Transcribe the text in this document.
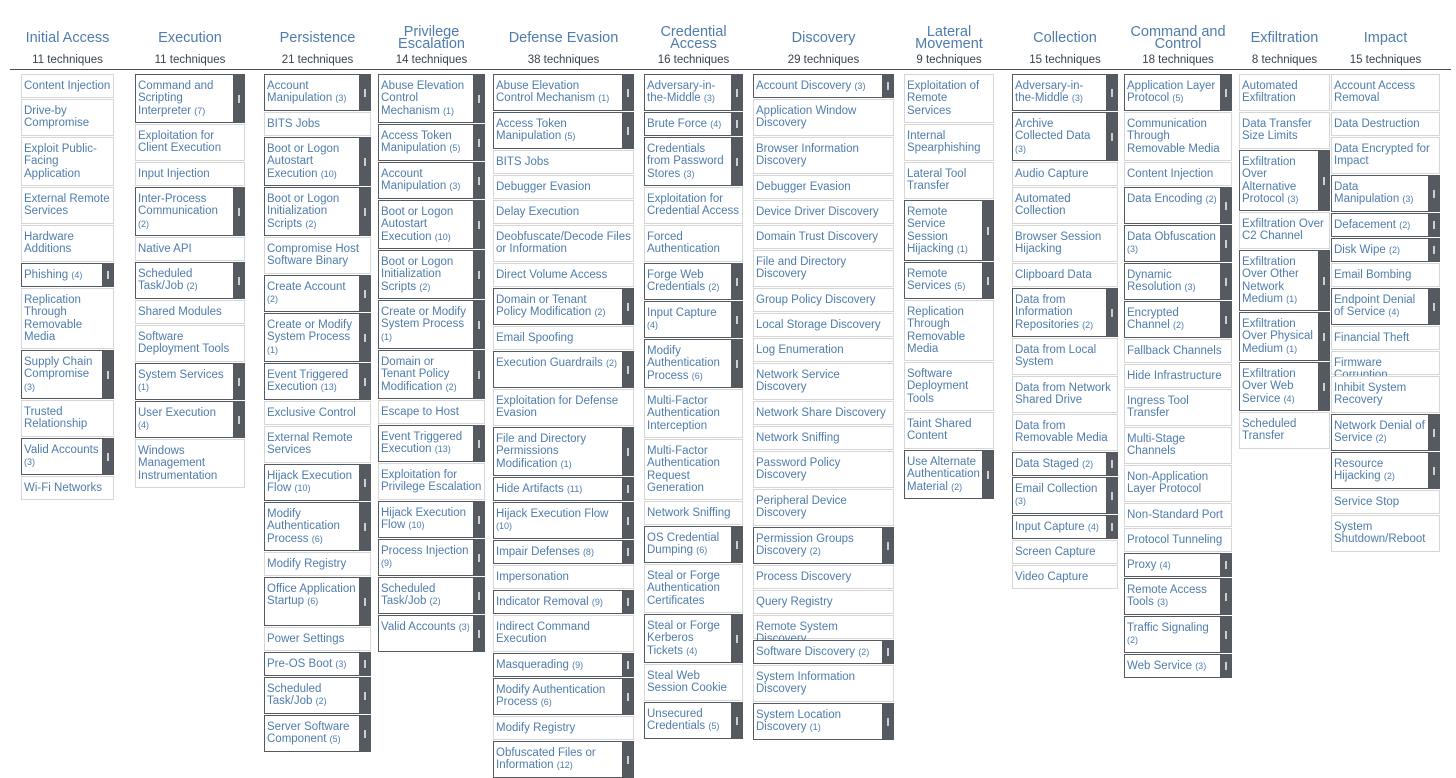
Initial Access
11 techniques
Content Injection
Drive-by Compromise
Exploit Public-Facing Application
External Remote Services
Hardware Additions
Phishing (4)	‖
Replication Through Removable Media
Supply Chain Compromise (3)
‖
Trusted Relationship
Valid Accounts (3)
‖
Wi-Fi Networks
Execution
11 techniques
Command and Scripting Interpreter (7)
‖
Exploitation for Client Execution
Input Injection
Inter-Process Communication (2)
‖
Native API
Scheduled Task/Job (2)
‖
Shared Modules
Software Deployment Tools
System Services (1)
‖
User Execution (4)
‖
Windows Management Instrumentation
Persistence
21 techniques
Account Manipulation (3)
‖
BITS Jobs
Boot or Logon Autostart Execution (10)
‖
Boot or Logon Initialization Scripts (2)
‖
Compromise Host Software Binary
Create Account (2)
‖
Create or Modify System Process (1)
‖
Event Triggered Execution (13)
‖
Exclusive Control
External Remote Services
Hijack Execution Flow (10)
‖
Modify Authentication Process (6)
‖
Modify Registry
Office Application Startup (6)	‖
Power Settings
Pre-OS Boot (3)	‖
Scheduled Task/Job (2)
‖
Server Software Component (5)
‖
Privilege Escalation
14 techniques
Abuse Elevation Control Mechanism (1)
‖
Access Token Manipulation (5)
‖
Account Manipulation (3)
‖
Boot or Logon Autostart Execution (10)
‖
Boot or Logon Initialization Scripts (2)
‖
Create or Modify System Process (1)
‖
Domain or Tenant Policy Modification (2)
‖
Escape to Host
Event Triggered Execution (13)
‖
Exploitation for Privilege Escalation
Hijack Execution Flow (10)
‖
Process Injection (9)
‖
Scheduled Task/Job (2)
‖
Valid Accounts (3)
‖
Defense Evasion
38 techniques
Abuse Elevation Control Mechanism (1)
‖
Access Token Manipulation (5)
‖
BITS Jobs
Debugger Evasion
Delay Execution
Deobfuscate/Decode Files or Information
Direct Volume Access
Domain or Tenant Policy Modification (2)
‖
Email Spoofing
Execution Guardrails (2)
‖
Exploitation for Defense Evasion
File and Directory Permissions Modification (1)
‖
Hide Artifacts (11)	‖
Hijack Execution Flow (10)
‖
Impair Defenses (8)	‖
Impersonation
Indicator Removal (9)	‖
Indirect Command Execution
Masquerading (9)	‖
Modify Authentication Process (6)
‖
Modify Registry
Obfuscated Files or Information (12)
‖
Credential Access
16 techniques
Adversary-in-the-Middle (3)
‖
Brute Force (4)	‖
Credentials from Password Stores (3)
‖
Exploitation for Credential Access
Forced Authentication
Forge Web Credentials (2)
‖
Input Capture (4)
‖
Modify Authentication Process (6)
‖
Multi-Factor Authentication Interception
Multi-Factor Authentication Request Generation
Network Sniffing
OS Credential Dumping (6)
‖
Steal or Forge Authentication Certificates
Steal or Forge Kerberos Tickets (4)
‖
Steal Web Session Cookie
Unsecured Credentials (5)
‖
Discovery
29 techniques
Account Discovery (3)	‖
Application Window Discovery
Browser Information Discovery
Debugger Evasion
Device Driver Discovery
Domain Trust Discovery
File and Directory Discovery
Group Policy Discovery
Local Storage Discovery
Log Enumeration
Network Service Discovery
Network Share Discovery
Network Sniffing
Password Policy Discovery
Peripheral Device Discovery
Permission Groups Discovery (2)
‖
Process Discovery
Query Registry
Remote System
Software Discovery (2)	‖
System Information Discovery
System Location Discovery (1)
‖
Lateral Movement
9 techniques
Exploitation of Remote Services
Internal Spearphishing
Lateral Tool Transfer
Remote Service Session Hijacking (1)
‖
Remote Services (5)
‖
Replication Through Removable Media
Software Deployment Tools
Taint Shared Content
Use Alternate Authentication Material (2)
‖
Collection
15 techniques
Adversary-in-the-Middle (3)
‖
Archive Collected Data (3)
‖
Audio Capture
Automated Collection
Browser Session Hijacking
Clipboard Data
Data from Information Repositories (2)
‖
Data from Local System
Data from Network Shared Drive
Data from Removable Media
Data Staged (2)	‖
Email Collection (3)
‖
Input Capture (4)	‖
Screen Capture
Video Capture
Command and Control
18 techniques
Application Layer Protocol (5)
‖
Communication Through Removable Media
Content Injection
Data Encoding (2)
‖
Data Obfuscation (3)
‖
Dynamic Resolution (3)
‖
Encrypted Channel (2)
‖
Fallback Channels
Hide Infrastructure
Ingress Tool Transfer
Multi-Stage Channels
Non-Application Layer Protocol
Non-Standard Port
Protocol Tunneling
Proxy (4)	‖
Remote Access Tools (3)
‖
Traffic Signaling (2)
‖
Web Service (3)	‖
Exfiltration
8 techniques
Automated Exfiltration
Data Transfer Size Limits
Exfiltration Over Alternative Protocol (3)
‖
Exfiltration Over C2 Channel
Exfiltration Over Other Network Medium (1)
‖
Exfiltration Over Physical Medium (1)
‖
Exfiltration Over Web Service (4)
‖
Scheduled Transfer
Impact
15 techniques
Account Access Removal
Data Destruction
Data Encrypted for Impact
Data Manipulation (3)
‖
Defacement (2)	‖
Disk Wipe (2)	‖
Email Bombing
Endpoint Denial of Service (4)
‖
Financial Theft
Firmware
Inhibit System Recovery
Network Denial of Service (2)
‖
Resource Hijacking (2)
‖
Service Stop
System Shutdown/Reboot
